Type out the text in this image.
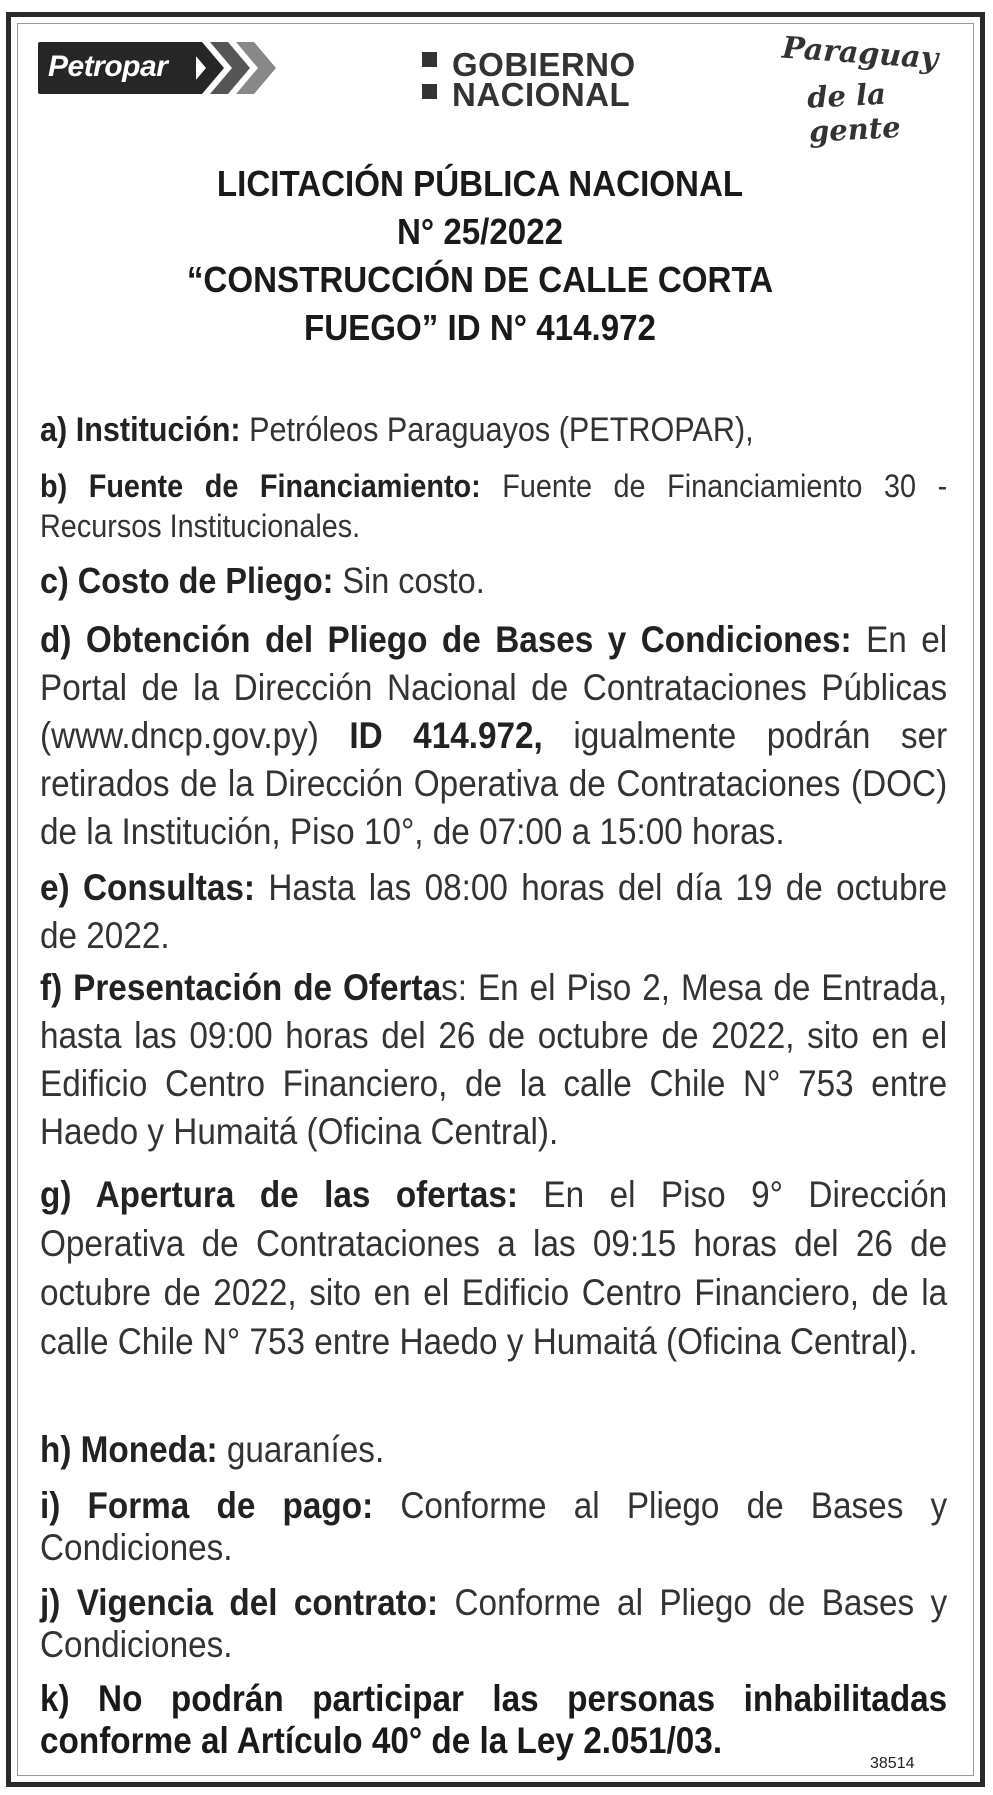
Petropar	GOBIERNO
NACIONAL
Paraguay
de la gente
LICITACIÓN PÚBLICA NACIONAL
N° 25/2022
“CONSTRUCCIÓN DE CALLE CORTA
FUEGO” ID N° 414.972
a) Institución: Petróleos Paraguayos (PETROPAR),
b) Fuente de Financiamiento: Fuente de Financiamiento 30 - Recursos Institucionales.
c) Costo de Pliego: Sin costo.
d) Obtención del Pliego de Bases y Condiciones: En el Portal de la Dirección Nacional de Contrataciones Públicas (www.dncp.gov.py) ID 414.972, igualmente podrán ser retirados de la Dirección Operativa de Contrataciones (DOC) de la Institución, Piso 10°, de 07:00 a 15:00 horas.
e) Consultas: Hasta las 08:00 horas del día 19 de octubre de 2022.
f) Presentación de Ofertas: En el Piso 2, Mesa de Entrada, hasta las 09:00 horas del 26 de octubre de 2022, sito en el Edificio Centro Financiero, de la calle Chile N° 753 entre Haedo y Humaitá (Oficina Central).
g) Apertura de las ofertas: En el Piso 9° Dirección Operativa de Contrataciones a las 09:15 horas del 26 de octubre de 2022, sito en el Edificio Centro Financiero, de la calle Chile N° 753 entre Haedo y Humaitá (Oficina Central).
h) Moneda: guaraníes.
i) Forma de pago: Conforme al Pliego de Bases y Condiciones.
j) Vigencia del contrato: Conforme al Pliego de Bases y Condiciones.
k) No podrán participar las personas inhabilitadas conforme al Artículo 40° de la Ley 2.051/03.
38514
